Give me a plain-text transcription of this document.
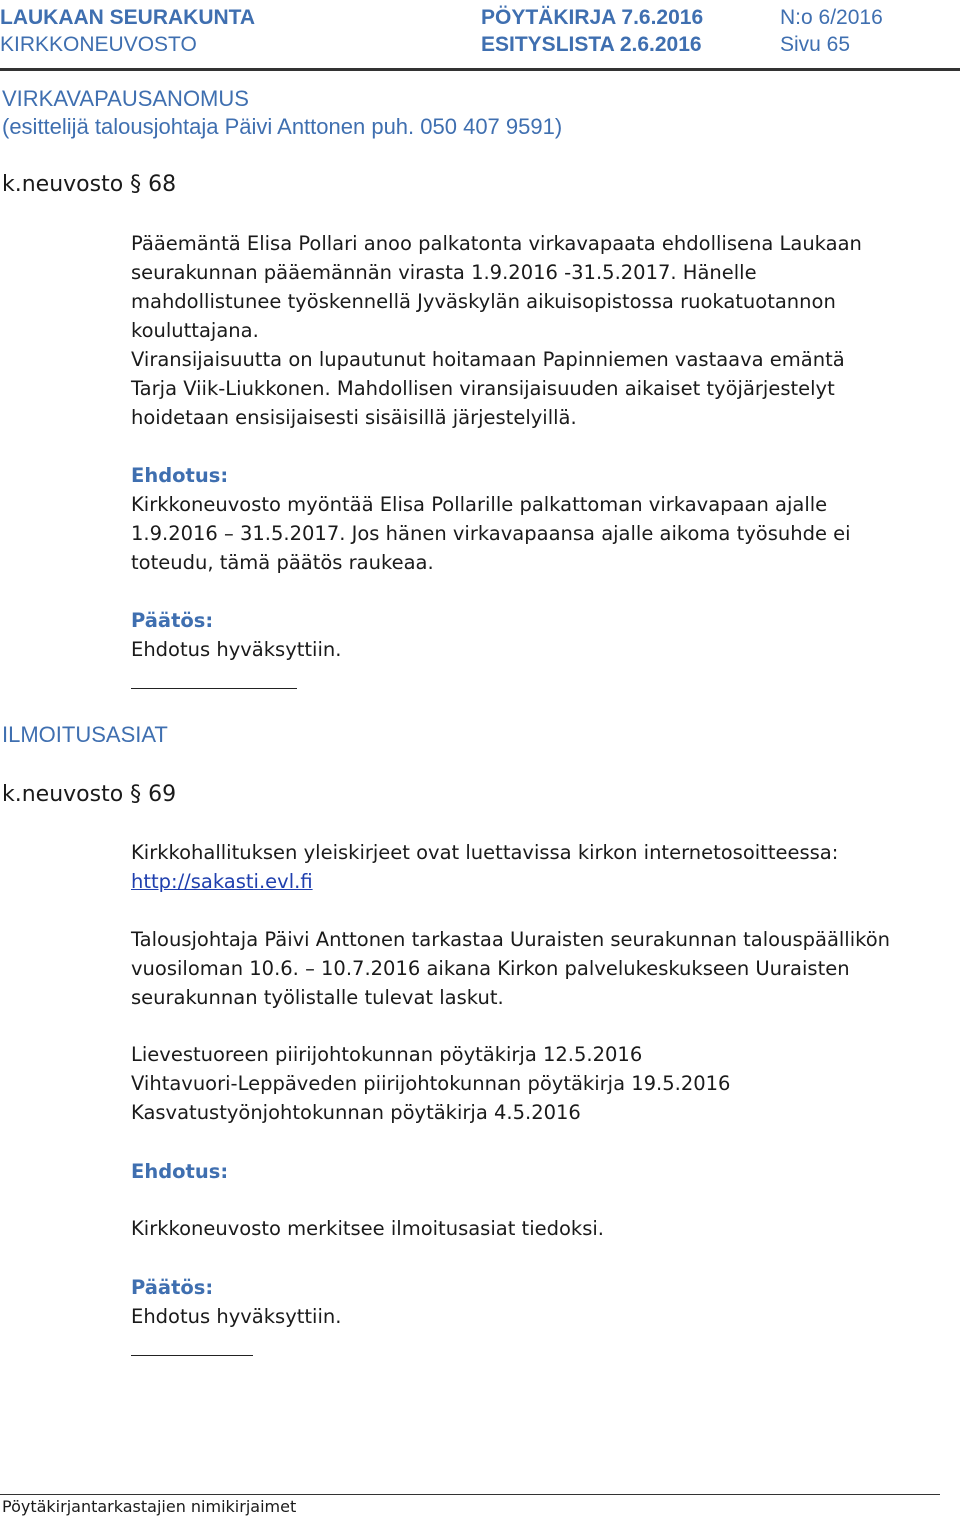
LAUKAAN SEURAKUNTA
KIRKKONEUVOSTO
PÖYTÄKIRJA 7.6.2016
ESITYSLISTA 2.6.2016
N:o 6/2016
Sivu 65
VIRKAVAPAUSANOMUS
(esittelijä talousjohtaja Päivi Anttonen puh. 050 407 9591)
k.neuvosto § 68

Pääemäntä Elisa Pollari anoo palkatonta virkavapaata ehdollisena Laukaan seurakunnan pääemännän virasta 1.9.2016 -31.5.2017. Hänelle mahdollistunee työskennellä Jyväskylän aikuisopistossa ruokatuotannon kouluttajana.

Viransijaisuutta on lupautunut hoitamaan Papinniemen vastaava emäntä Tarja Viik-Liukkonen. Mahdollisen viransijaisuuden aikaiset työjärjestelyt hoidetaan ensisijaisesti sisäisillä järjestelyillä.

Ehdotus:

Kirkkoneuvosto myöntää Elisa Pollarille palkattoman virkavapaan ajalle 1.9.2016 – 31.5.2017. Jos hänen virkavapaansa ajalle aikoma työsuhde ei toteudu, tämä päätös raukeaa.

Päätös:

Ehdotus hyväksyttiin.

ILMOITUSASIAT
k.neuvosto § 69

Kirkkohallituksen yleiskirjeet ovat luettavissa kirkon internetosoitteessa:

http://sakasti.evl.fi

Talousjohtaja Päivi Anttonen tarkastaa Uuraisten seurakunnan talouspäällikön vuosiloman 10.6. – 10.7.2016 aikana Kirkon palvelukeskukseen Uuraisten seurakunnan työlistalle tulevat laskut.

Lievestuoreen piirijohtokunnan pöytäkirja 12.5.2016

Vihtavuori-Leppäveden piirijohtokunnan pöytäkirja 19.5.2016

Kasvatustyönjohtokunnan pöytäkirja 4.5.2016

Ehdotus:

Kirkkoneuvosto merkitsee ilmoitusasiat tiedoksi.

Päätös:

Ehdotus hyväksyttiin.

Pöytäkirjantarkastajien nimikirjaimet
